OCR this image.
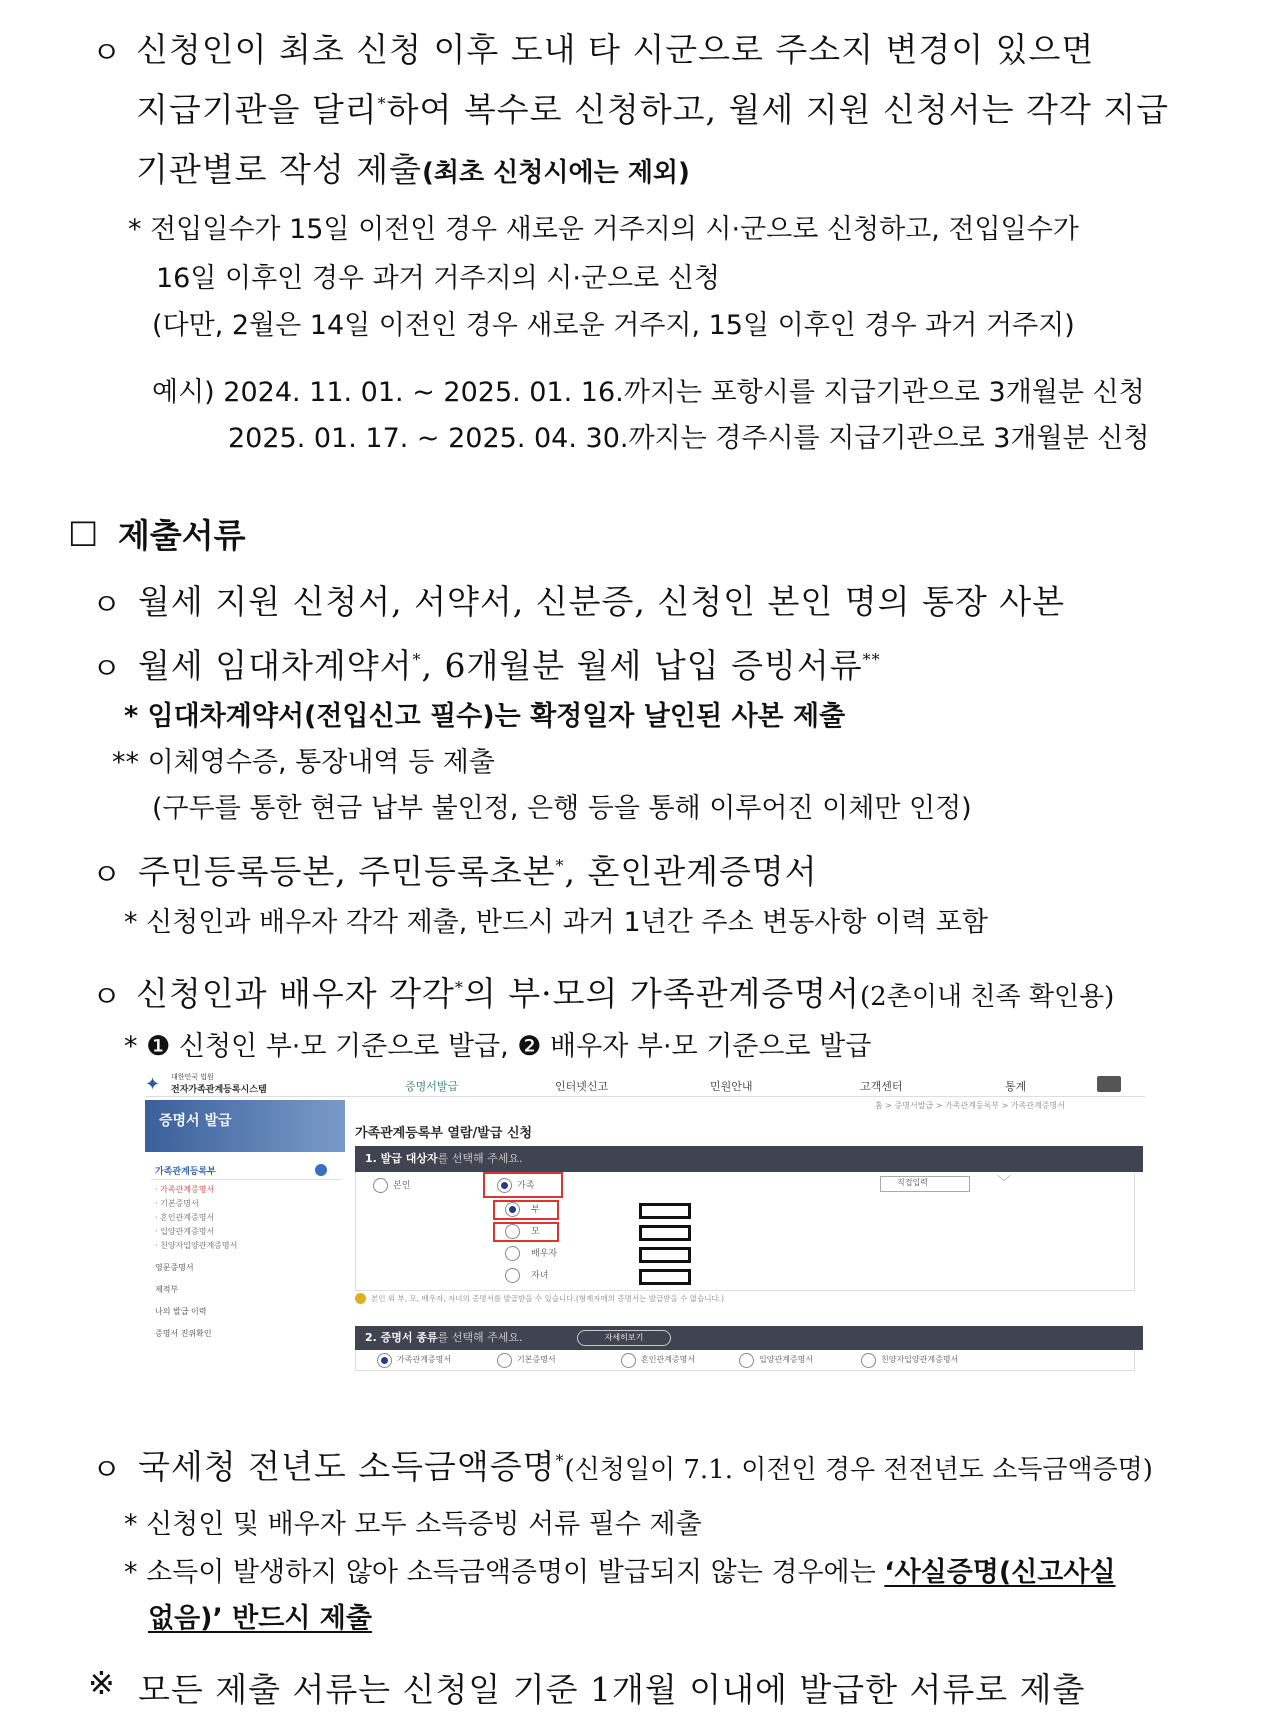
ㅇ 신청인이 최초 신청 이후 도내 타 시군으로 주소지 변경이 있으면
지급기관을 달리*하여 복수로 신청하고, 월세 지원 신청서는 각각 지급
기관별로 작성 제출(최초 신청시에는 제외)
* 전입일수가 15일 이전인 경우 새로운 거주지의 시·군으로 신청하고, 전입일수가
16일 이후인 경우 과거 거주지의 시·군으로 신청
(다만, 2월은 14일 이전인 경우 새로운 거주지, 15일 이후인 경우 과거 거주지)
예시) 2024. 11. 01. ~ 2025. 01. 16.까지는 포항시를 지급기관으로 3개월분 신청
2025. 01. 17. ~ 2025. 04. 30.까지는 경주시를 지급기관으로 3개월분 신청
□ 제출서류
ㅇ 월세 지원 신청서, 서약서, 신분증, 신청인 본인 명의 통장 사본
ㅇ 월세 임대차계약서*, 6개월분 월세 납입 증빙서류**
* 임대차계약서(전입신고 필수)는 확정일자 날인된 사본 제출
** 이체영수증, 통장내역 등 제출
(구두를 통한 현금 납부 불인정, 은행 등을 통해 이루어진 이체만 인정)
ㅇ 주민등록등본, 주민등록초본*, 혼인관계증명서
* 신청인과 배우자 각각 제출, 반드시 과거 1년간 주소 변동사항 이력 포함
ㅇ 신청인과 배우자 각각*의 부·모의 가족관계증명서(2촌이내 친족 확인용)
* ❶ 신청인 부·모 기준으로 발급, ❷ 배우자 부·모 기준으로 발급
✦ 대한민국 법원
전자가족관계등록시스템	증명서발급	인터넷신고	민원안내	고객센터	통계
홈 > 증명서발급 > 가족관계등록부 > 가족관계증명서
증명서 발급
가족관계등록부
· 가족관계증명서
· 기본증명서
· 혼인관계증명서
· 입양관계증명서
· 친양자입양관계증명서
영문증명서
제적부
나의 발급 이력
증명서 진위확인
가족관계등록부 열람/발급 신청
1. 발급 대상자를 선택해 주세요.
본인	가족	직접입력	﹀
부
모
배우자
자녀
본인 외 부, 모, 배우자, 자녀의 증명서를 발급받을 수 있습니다.(형제자매의 증명서는 발급받을 수 없습니다.)
2. 증명서 종류를 선택해 주세요.	자세히보기
가족관계증명서	기본증명서	혼인관계증명서	입양관계증명서	친양자입양관계증명서
ㅇ 국세청 전년도 소득금액증명*(신청일이 7.1. 이전인 경우 전전년도 소득금액증명)
* 신청인 및 배우자 모두 소득증빙 서류 필수 제출
* 소득이 발생하지 않아 소득금액증명이 발급되지 않는 경우에는 ‘사실증명(신고사실
없음)’ 반드시 제출
※ 모든 제출 서류는 신청일 기준 1개월 이내에 발급한 서류로 제출
